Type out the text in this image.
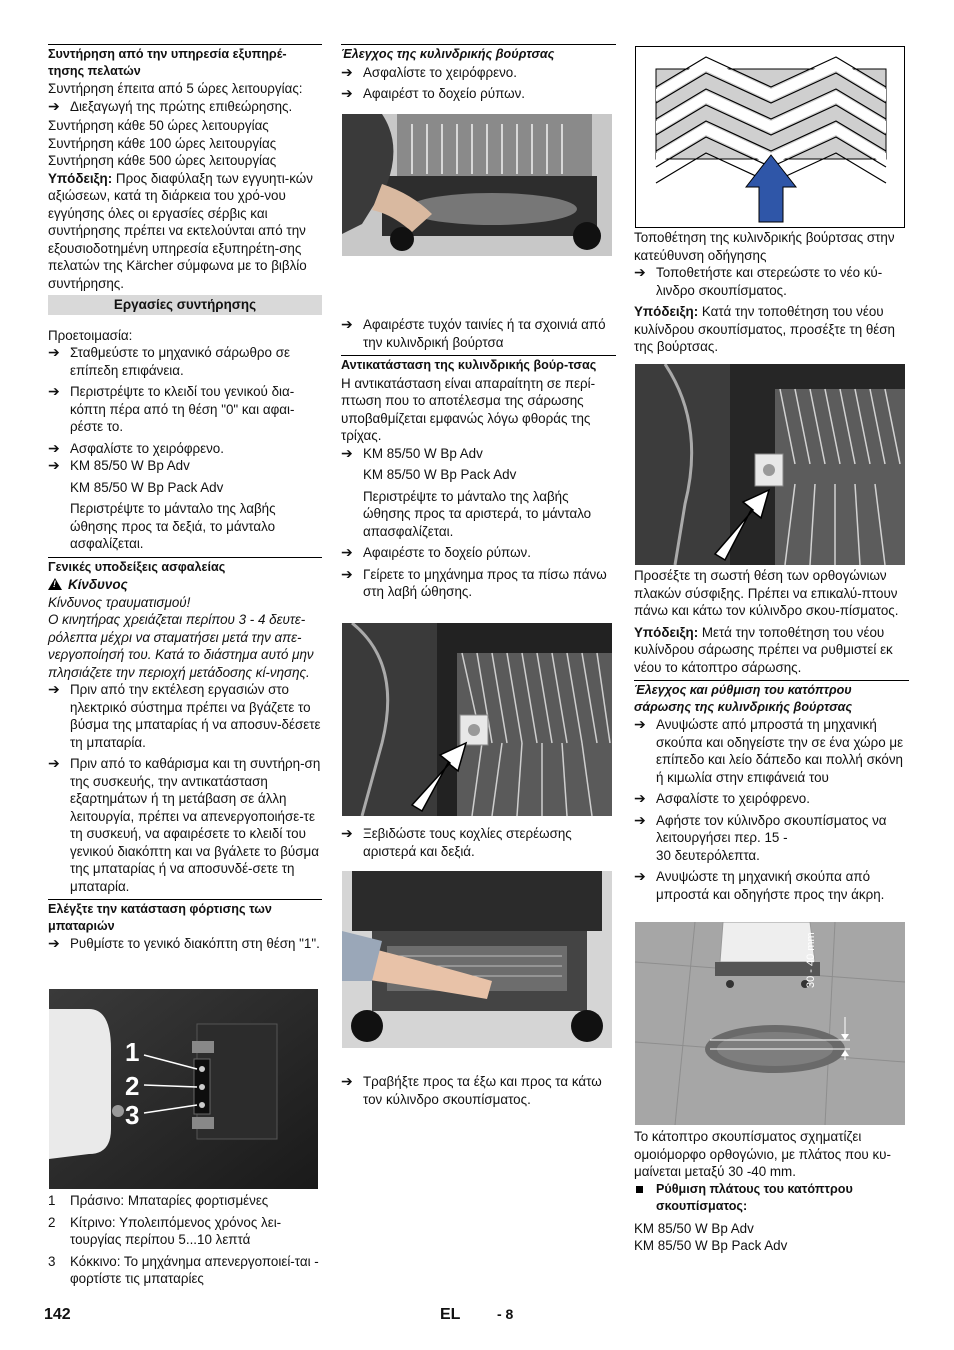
Συντήρηση από την υπηρεσία εξυπηρέ-τησης πελατών

Συντήρηση έπειτα από 5 ώρες λειτουργίας:

➔ Διεξαγωγή της πρώτης επιθεώρησης.

Συντήρηση κάθε 50 ώρες λειτουργίας

Συντήρηση κάθε 100 ώρες λειτουργίας

Συντήρηση κάθε 500 ώρες λειτουργίας

Υπόδειξη: Προς διαφύλαξη των εγγυητι-κών αξιώσεων, κατά τη διάρκεια του χρό-νου εγγύησης όλες οι εργασίες σέρβις και συντήρησης πρέπει να εκτελούνται από την εξουσιοδοτημένη υπηρεσία εξυπηρέτη-σης πελατών της Kärcher σύμφωνα με το βιβλίο συντήρησης.

Εργασίες συντήρησης

Προετοιμασία:

➔ Σταθμεύστε το μηχανικό σάρωθρο σε επίπεδη επιφάνεια.

➔ Περιστρέψτε το κλειδί του γενικού δια-κόπτη πέρα από τη θέση "0" και αφαι-ρέστε το.

➔ Ασφαλίστε το χειρόφρενο.

➔ KM 85/50 W Bp Adv

KM 85/50 W Bp Pack Adv

Περιστρέψτε το μάνταλο της λαβής ώθησης προς τα δεξιά, το μάνταλο ασφαλίζεται.

Γενικές υποδείξεις ασφαλείας

!Κίνδυνος

Κίνδυνος τραυματισμού!

Ο κινητήρας χρειάζεται περίπου 3 - 4 δευτε-ρόλεπτα μέχρι να σταματήσει μετά την απε-νεργοποίησή του. Κατά το διάστημα αυτό μην πλησιάζετε την περιοχή μετάδοσης κί-νησης.

➔ Πριν από την εκτέλεση εργασιών στο ηλεκτρικό σύστημα πρέπει να βγάζετε το βύσμα της μπαταρίας ή να αποσυν-δέσετε τη μπαταρία.

➔ Πριν από το καθάρισμα και τη συντήρη-ση της συσκευής, την αντικατάσταση εξαρτημάτων ή τη μετάβαση σε άλλη λειτουργία, πρέπει να απενεργοποιήσε-τε τη συσκευή, να αφαιρέσετε το κλειδί του γενικού διακόπτη και να βγάλετε το βύσμα της μπαταρίας ή να αποσυνδέ-σετε τη μπαταρία.

Ελέγξτε την κατάσταση φόρτισης των μπαταριών

➔ Ρυθμίστε το γενικό διακόπτη στη θέση "1".

1
2
3

1 Πράσινο: Μπαταρίες φορτισμένες

2 Κίτρινο: Υπολειπόμενος χρόνος λει-τουργίας περίπου 5...10 λεπτά

3 Κόκκινο: Το μηχάνημα απενεργοποιεί-ται - φορτίστε τις μπαταρίες

Έλεγχος της κυλινδρικής βούρτσας

➔ Ασφαλίστε το χειρόφρενο.

➔ Αφαιρέστ το δοχείο ρύπων.

➔ Αφαιρέστε τυχόν ταινίες ή τα σχοινιά από την κυλινδρική βούρτσα

Αντικατάσταση της κυλινδρικής βούρ-τσας

Η αντικατάσταση είναι απαραίτητη σε περί-πτωση που το αποτέλεσμα της σάρωσης υποβαθμίζεται εμφανώς λόγω φθοράς της τρίχας.

➔ KM 85/50 W Bp Adv

KM 85/50 W Bp Pack Adv

Περιστρέψτε το μάνταλο της λαβής ώθησης προς τα αριστερά, το μάνταλο απασφαλίζεται.

➔ Αφαιρέστε το δοχείο ρύπων.

➔ Γείρετε το μηχάνημα προς τα πίσω πάνω στη λαβή ώθησης.

➔ Ξεβιδώστε τους κοχλίες στερέωσης αριστερά και δεξιά.

➔ Τραβήξτε προς τα έξω και προς τα κάτω τον κύλινδρο σκουπίσματος.

Τοποθέτηση της κυλινδρικής βούρτσας στην κατεύθυνση οδήγησης

➔ Τοποθετήστε και στερεώστε το νέο κύ-λινδρο σκουπίσματος.

Υπόδειξη: Κατά την τοποθέτηση του νέου κυλίνδρου σκουπίσματος, προσέξτε τη θέση της βούρτσας.

Προσέξτε τη σωστή θέση των ορθογώνιων πλακών σύσφιξης. Πρέπει να επικαλύ-πτουν πάνω και κάτω τον κύλινδρο σκου-πίσματος.

Υπόδειξη: Μετά την τοποθέτηση του νέου κυλίνδρου σάρωσης πρέπει να ρυθμιστεί εκ νέου το κάτοπτρο σάρωσης.

Έλεγχος και ρύθμιση του κατόπτρου σάρωσης της κυλινδρικής βούρτσας

➔ Ανυψώστε από μπροστά τη μηχανική σκούπα και οδηγείστε την σε ένα χώρο με επίπεδο και λείο δάπεδο και πολλή σκόνη ή κιμωλία στην επιφάνειά του

➔ Ασφαλίστε το χειρόφρενο.

➔ Αφήστε τον κύλινδρο σκουπίσματος να λειτουργήσει περ. 15 -

30 δευτερόλεπτα.

➔ Ανυψώστε τη μηχανική σκούπα από μπροστά και οδηγήστε προς την άκρη.

30 - 40 mm

Το κάτοπτρο σκουπίσματος σχηματίζει ομοιόμορφο ορθογώνιο, με πλάτος που κυ-μαίνεται μεταξύ 30 -40 mm.

Ρύθμιση πλάτους του κατόπτρου σκουπίσματος:

KM 85/50 W Bp Adv

KM 85/50 W Bp Pack Adv

142	EL	- 8
